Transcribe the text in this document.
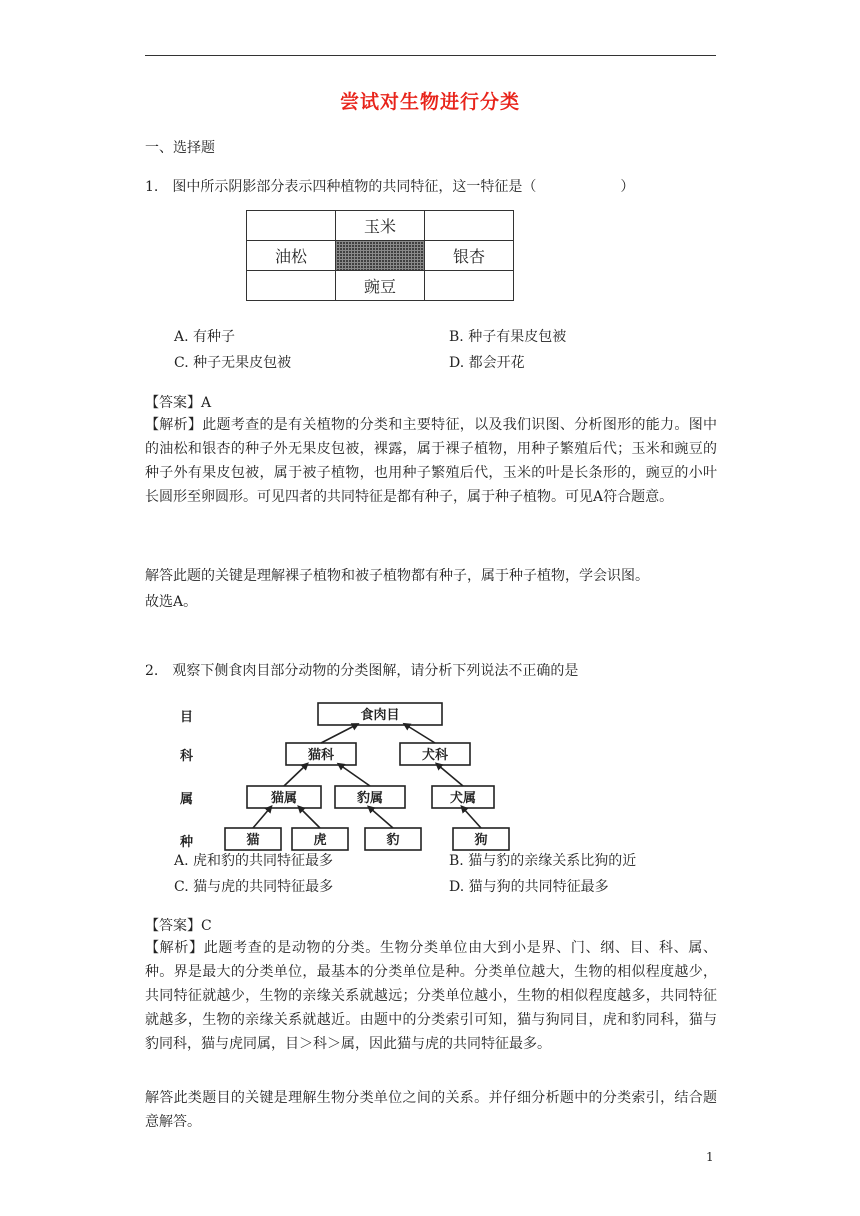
尝试对生物进行分类
一、选择题
1.　图中所示阴影部分表示四种植物的共同特征，这一特征是（　　　　　　）
	玉米	
油松		银杏
	豌豆	
A. 有种子	B. 种子有果皮包被
C. 种子无果皮包被	D. 都会开花
【答案】A
【解析】此题考查的是有关植物的分类和主要特征，以及我们识图、分析图形的能力。图中的油松和银杏的种子外无果皮包被，裸露，属于裸子植物，用种子繁殖后代；玉米和豌豆的种子外有果皮包被，属于被子植物，也用种子繁殖后代，玉米的叶是长条形的，豌豆的小叶长圆形至卵圆形。可见四者的共同特征是都有种子，属于种子植物。可见A符合题意。
解答此题的关键是理解裸子植物和被子植物都有种子，属于种子植物，学会识图。
故选A。
2.　观察下侧食肉目部分动物的分类图解，请分析下列说法不正确的是
目
科
属
种
食肉目
猫科	犬科
猫属	豹属	犬属
猫	虎	豹	狗
A. 虎和豹的共同特征最多	B. 猫与豹的亲缘关系比狗的近
C. 猫与虎的共同特征最多	D. 猫与狗的共同特征最多
【答案】C
【解析】此题考查的是动物的分类。生物分类单位由大到小是界、门、纲、目、科、属、种。界是最大的分类单位，最基本的分类单位是种。分类单位越大，生物的相似程度越少，共同特征就越少，生物的亲缘关系就越远；分类单位越小，生物的相似程度越多，共同特征就越多，生物的亲缘关系就越近。由题中的分类索引可知，猫与狗同目，虎和豹同科，猫与豹同科，猫与虎同属，目＞科＞属，因此猫与虎的共同特征最多。
解答此类题目的关键是理解生物分类单位之间的关系。并仔细分析题中的分类索引，结合题意解答。
1
